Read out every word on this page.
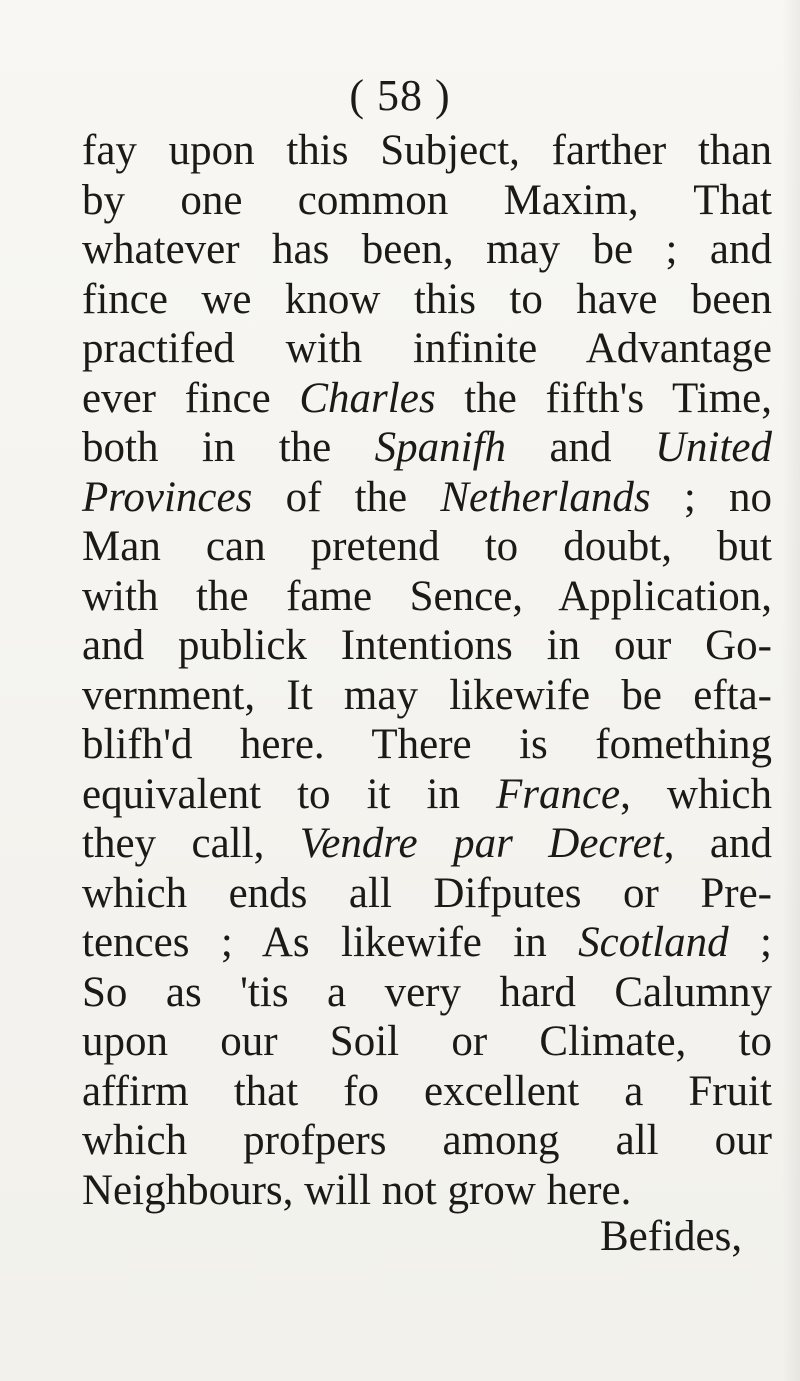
( 58 )
fay upon this Subject, farther than
by one common Maxim, That
whatever has been, may be ; and
fince we know this to have been
practifed with infinite Advantage
ever fince Charles the fifth's Time,
both in the Spanifh and United
Provinces of the Netherlands ; no
Man can pretend to doubt, but
with the fame Sence, Application,
and publick Intentions in our Go-
vernment, It may likewife be efta-
blifh'd here. There is fomething
equivalent to it in France, which
they call, Vendre par Decret, and
which ends all Difputes or Pre-
tences ; As likewife in Scotland ;
So as 'tis a very hard Calumny
upon our Soil or Climate, to
affirm that fo excellent a Fruit
which profpers among all our
Neighbours, will not grow here.
Befides,
